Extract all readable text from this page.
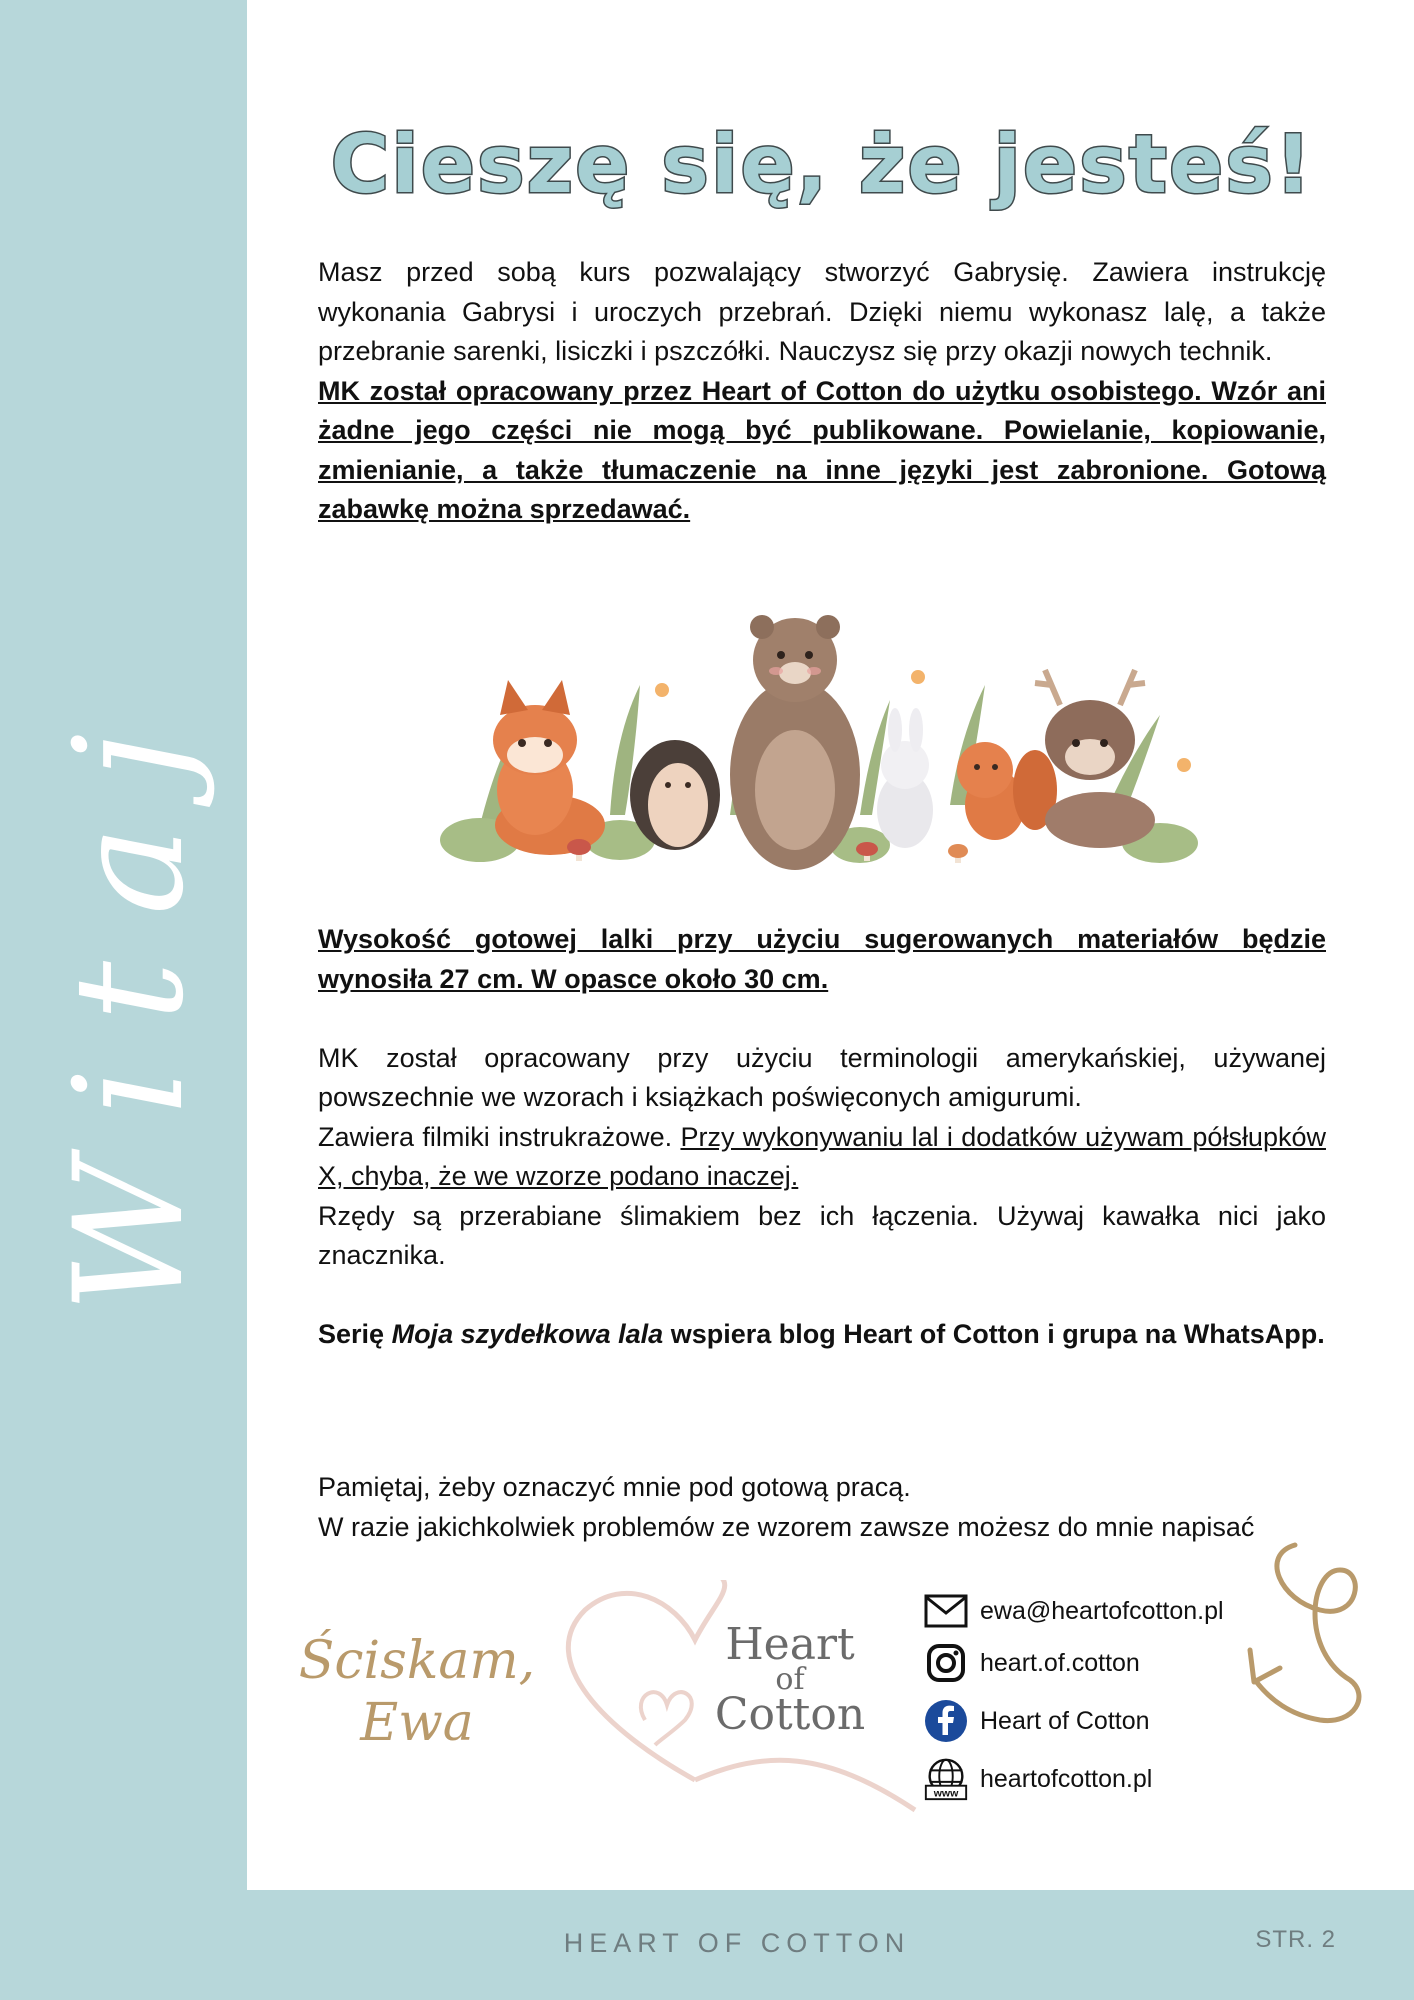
Witaj
Cieszę się, że jesteś!

Masz przed sobą kurs pozwalający stworzyć Gabrysię. Zawiera instrukcję wykonania Gabrysi i uroczych przebrań. Dzięki niemu wykonasz lalę, a także przebranie sarenki, lisiczki i pszczółki. Nauczysz się przy okazji nowych technik.

MK został opracowany przez Heart of Cotton do użytku osobistego. Wzór ani żadne jego części nie mogą być publikowane. Powielanie, kopiowanie, zmienianie, a także tłumaczenie na inne języki jest zabronione. Gotową zabawkę można sprzedawać.

Wysokość gotowej lalki przy użyciu sugerowanych materiałów będzie wynosiła 27 cm. W opasce około 30 cm.

MK został opracowany przy użyciu terminologii amerykańskiej, używanej powszechnie we wzorach i książkach poświęconych amigurumi.

Zawiera filmiki instrukrażowe. Przy wykonywaniu lal i dodatków używam półsłupków X, chyba, że we wzorze podano inaczej.

Rzędy są przerabiane ślimakiem bez ich łączenia. Używaj kawałka nici jako znacznika.

Serię Moja szydełkowa lala wspiera blog Heart of Cotton i grupa na WhatsApp.

Pamiętaj, żeby oznaczyć mnie pod gotową pracą.

W razie jakichkolwiek problemów ze wzorem zawsze możesz do mnie napisać

Ściskam,
Ewa
Heart
of
Cotton
ewa@heartofcotton.pl
heart.of.cotton
Heart of Cotton
www
heartofcotton.pl
HEART OF COTTON	STR. 2
